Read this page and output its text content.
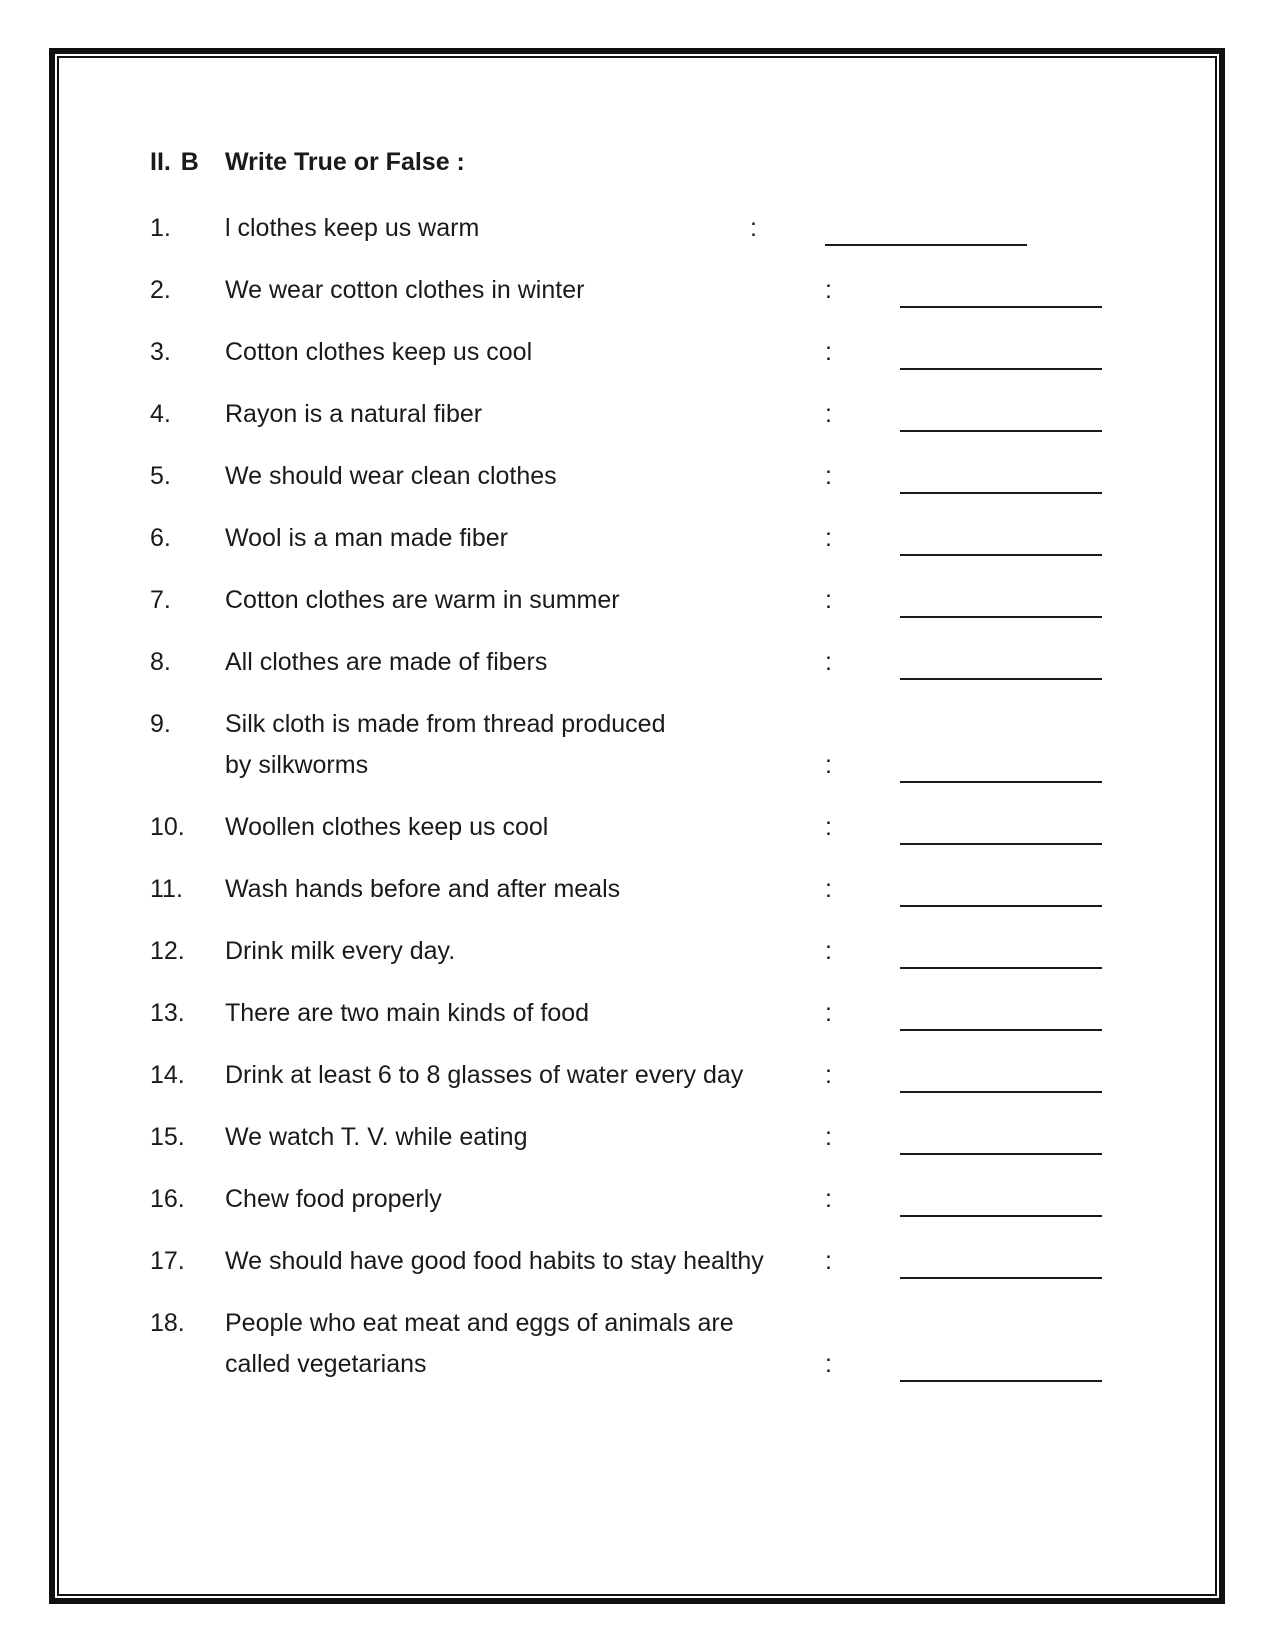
II. B Write True or False :
1. l clothes keep us warm	:
2. We wear cotton clothes in winter	:
3. Cotton clothes keep us cool	:
4. Rayon is a natural fiber	:
5. We should wear clean clothes	:
6. Wool is a man made fiber	:
7. Cotton clothes are warm in summer	:
8. All clothes are made of fibers	:
9. Silk cloth is made from thread produced
by silkworms	:
10. Woollen clothes keep us cool	:
11. Wash hands before and after meals	:
12. Drink milk every day.	:
13. There are two main kinds of food	:
14. Drink at least 6 to 8 glasses of water every day	:
15. We watch T. V. while eating	:
16. Chew food properly	:
17. We should have good food habits to stay healthy	:
18. People who eat meat and eggs of animals are
called vegetarians	:
